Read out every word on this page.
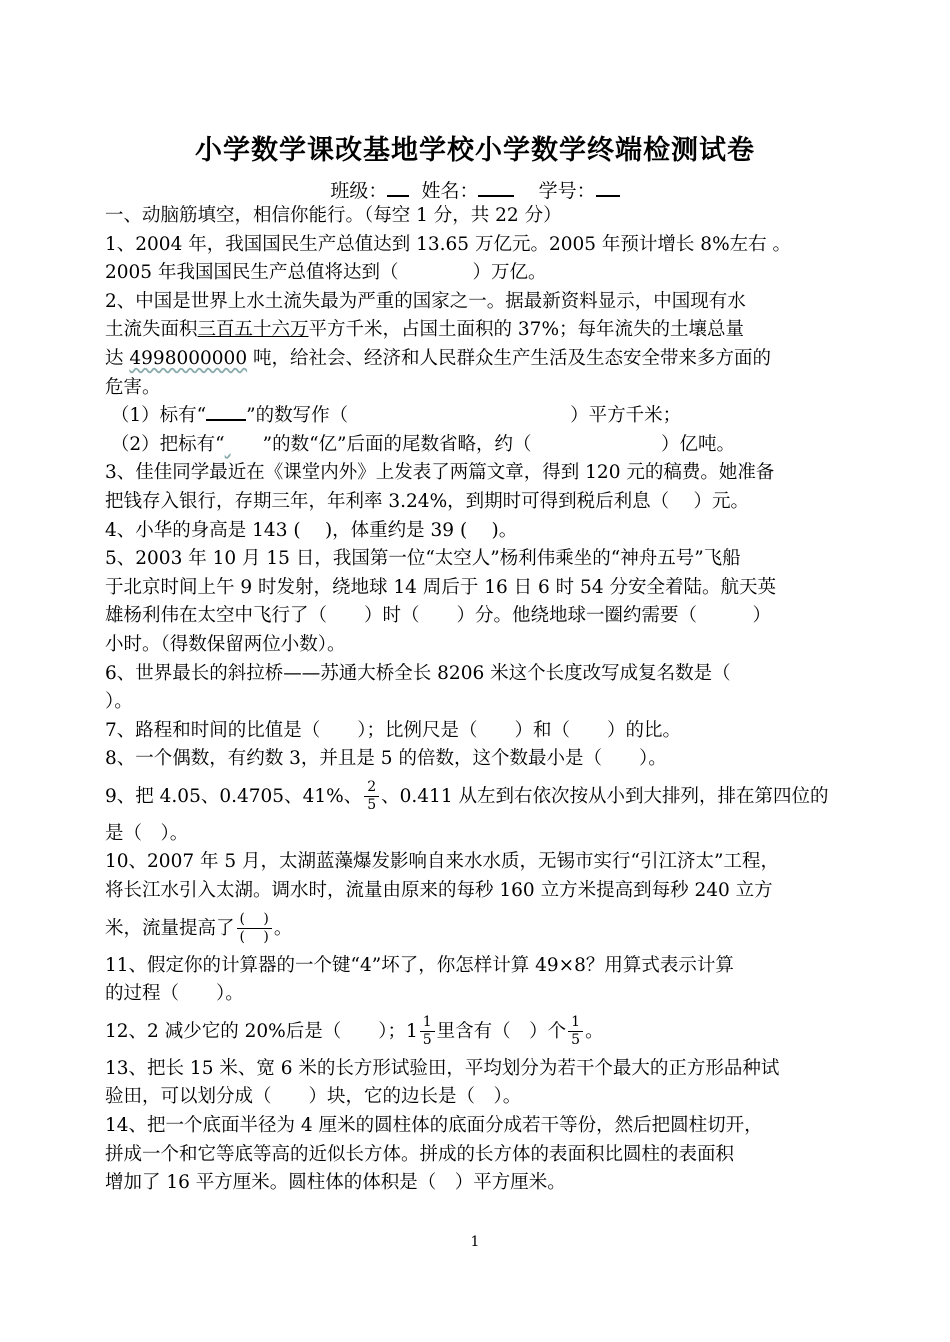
小学数学课改基地学校小学数学终端检测试卷
班级： 姓名：	学号：
一、动脑筋填空，相信你能行。（每空 1 分，共 22 分）
1、2004 年，我国国民生产总值达到 13.65 万亿元。2005 年预计增长 8%左右 。
2005 年我国国民生产总值将达到（　　　　）万亿。
2、中国是世界上水土流失最为严重的国家之一。据最新资料显示，中国现有水
土流失面积三百五十六万平方千米，占国土面积的 37%；每年流失的土壤总量
达 4998000000 吨，给社会、经济和人民群众生产生活及生态安全带来多方面的
危害。
（1）标有“ ”的数写作（　　　　　　　　　　　　）平方千米；
（2）把标有“ ”的数“亿”后面的尾数省略，约（　　　　　　　）亿吨。
3、佳佳同学最近在《课堂内外》上发表了两篇文章，得到 120 元的稿费。她准备
把钱存入银行，存期三年，年利率 3.24%，到期时可得到税后利息（　 ）元。
4、小华的身高是 143 (　 )，体重约是 39 (　 )。
5、2003 年 10 月 15 日，我国第一位“太空人”杨利伟乘坐的“神舟五号”飞船
于北京时间上午 9 时发射，绕地球 14 周后于 16 日 6 时 54 分安全着陆。航天英
雄杨利伟在太空中飞行了（　　）时（　　）分。他绕地球一圈约需要（　　　）
小时。（得数保留两位小数）。
6、世界最长的斜拉桥——苏通大桥全长 8206 米这个长度改写成复名数是（
）。
7、路程和时间的比值是（　　）；比例尺是（　　）和（　　）的比。
8、一个偶数，有约数 3，并且是 5 的倍数，这个数最小是（　　）。
9、把 4.05、0.4705、41%、 $\frac{2}{5}$ 、0.411 从左到右依次按从小到大排列，排在第四位的
是（　）。
10、2007 年 5 月，太湖蓝藻爆发影响自来水水质，无锡市实行“引江济太”工程，
将长江水引入太湖。调水时，流量由原来的每秒 160 立方米提高到每秒 240 立方
米，流量提高了 $\frac{( )}{( )}$ 。
11、假定你的计算器的一个键“4”坏了，你怎样计算 49×8？用算式表示计算
的过程（　　）。
12、2 减少它的 20%后是（　　）；$1 \frac{1}{5}$ 里含有（　）个 $\frac{1}{5}$ 。
13、把长 15 米、宽 6 米的长方形试验田，平均划分为若干个最大的正方形品种试
验田，可以划分成（　　）块，它的边长是（　）。
14、把一个底面半径为 4 厘米的圆柱体的底面分成若干等份，然后把圆柱切开，
拼成一个和它等底等高的近似长方体。拼成的长方体的表面积比圆柱的表面积
增加了 16 平方厘米。圆柱体的体积是（　）平方厘米。
1
